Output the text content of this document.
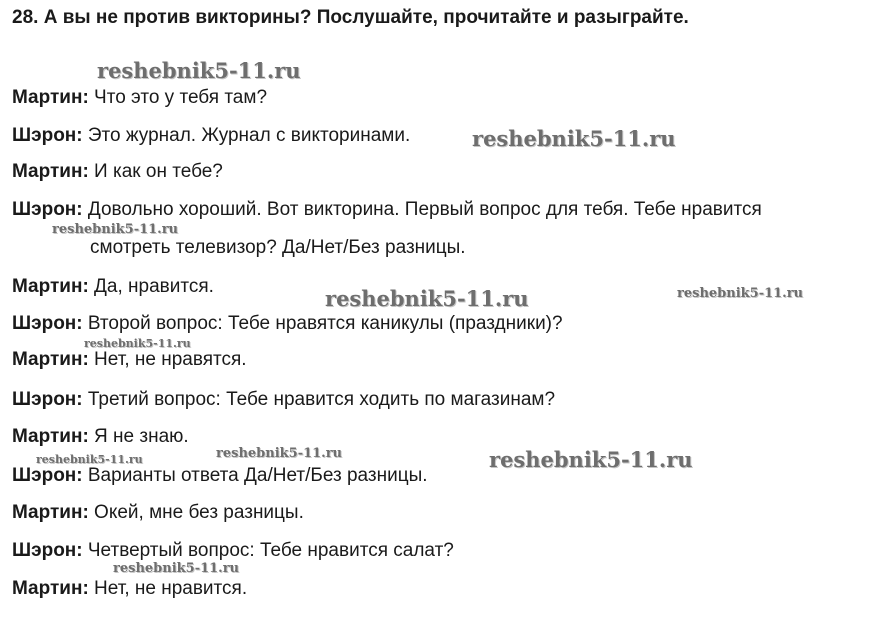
28. А вы не против викторины? Послушайте, прочитайте и разыграйте.
reshebnik5-11.ru
reshebnik5-11.ru
reshebnik5-11.ru
reshebnik5-11.ru	reshebnik5-11.ru
reshebnik5-11.ru
reshebnik5-11.ru
reshebnik5-11.ru	reshebnik5-11.ru
reshebnik5-11.ru
Мартин: Что это у тебя там?
Шэрон: Это журнал. Журнал с викторинами.
Мартин: И как он тебе?
Шэрон: Довольно хороший. Вот викторина. Первый вопрос для тебя. Тебе нравится
смотреть телевизор? Да/Нет/Без разницы.
Мартин: Да, нравится.
Шэрон: Второй вопрос: Тебе нравятся каникулы (праздники)?
Мартин: Нет, не нравятся.
Шэрон: Третий вопрос: Тебе нравится ходить по магазинам?
Мартин: Я не знаю.
Шэрон: Варианты ответа Да/Нет/Без разницы.
Мартин: Окей, мне без разницы.
Шэрон: Четвертый вопрос: Тебе нравится салат?
Мартин: Нет, не нравится.
